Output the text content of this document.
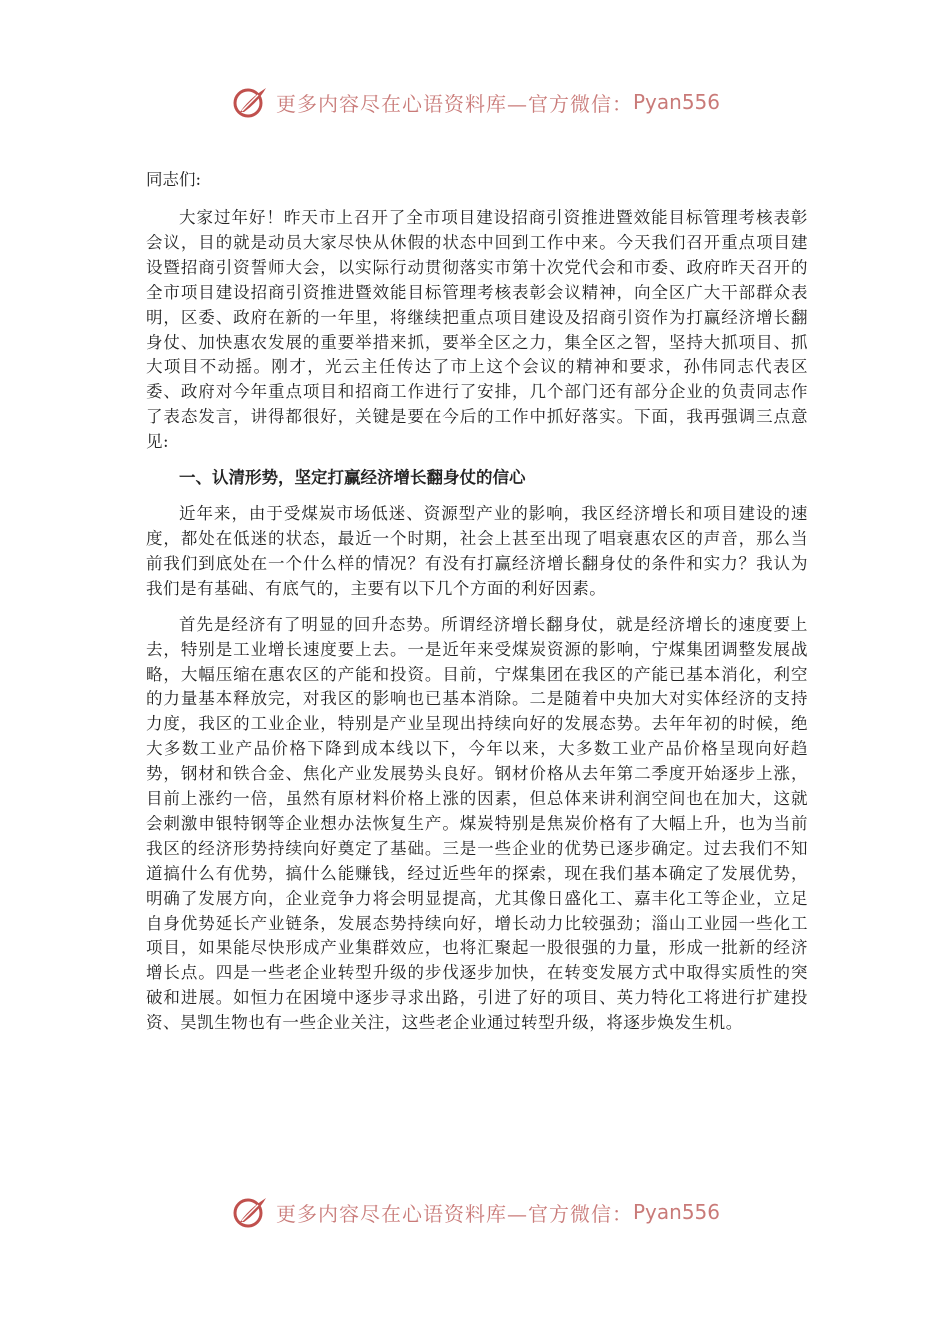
更多内容尽在心语资料库—官方微信： Pyan556

同志们:

大家过年好！昨天市上召开了全市项目建设招商引资推进暨效能目标管理考核表彰会议，目的就是动员大家尽快从休假的状态中回到工作中来。今天我们召开重点项目建设暨招商引资誓师大会，以实际行动贯彻落实市第十次党代会和市委、政府昨天召开的全市项目建设招商引资推进暨效能目标管理考核表彰会议精神，向全区广大干部群众表明，区委、政府在新的一年里，将继续把重点项目建设及招商引资作为打赢经济增长翻身仗、加快惠农发展的重要举措来抓，要举全区之力，集全区之智，坚持大抓项目、抓大项目不动摇。刚才，光云主任传达了市上这个会议的精神和要求，孙伟同志代表区委、政府对今年重点项目和招商工作进行了安排，几个部门还有部分企业的负责同志作了表态发言，讲得都很好，关键是要在今后的工作中抓好落实。下面，我再强调三点意见:

一、认清形势，坚定打赢经济增长翻身仗的信心

近年来，由于受煤炭市场低迷、资源型产业的影响，我区经济增长和项目建设的速度，都处在低迷的状态，最近一个时期，社会上甚至出现了唱衰惠农区的声音，那么当前我们到底处在一个什么样的情况？有没有打赢经济增长翻身仗的条件和实力？我认为我们是有基础、有底气的，主要有以下几个方面的利好因素。

首先是经济有了明显的回升态势。所谓经济增长翻身仗，就是经济增长的速度要上去，特别是工业增长速度要上去。一是近年来受煤炭资源的影响，宁煤集团调整发展战略，大幅压缩在惠农区的产能和投资。目前，宁煤集团在我区的产能已基本消化，利空的力量基本释放完，对我区的影响也已基本消除。二是随着中央加大对实体经济的支持力度，我区的工业企业，特别是产业呈现出持续向好的发展态势。去年年初的时候，绝大多数工业产品价格下降到成本线以下，今年以来，大多数工业产品价格呈现向好趋势，钢材和铁合金、焦化产业发展势头良好。钢材价格从去年第二季度开始逐步上涨，目前上涨约一倍，虽然有原材料价格上涨的因素，但总体来讲利润空间也在加大，这就会刺激申银特钢等企业想办法恢复生产。煤炭特别是焦炭价格有了大幅上升，也为当前我区的经济形势持续向好奠定了基础。三是一些企业的优势已逐步确定。过去我们不知道搞什么有优势，搞什么能赚钱，经过近些年的探索，现在我们基本确定了发展优势，明确了发展方向，企业竞争力将会明显提高，尤其像日盛化工、嘉丰化工等企业，立足自身优势延长产业链条，发展态势持续向好，增长动力比较强劲；淄山工业园一些化工项目，如果能尽快形成产业集群效应，也将汇聚起一股很强的力量，形成一批新的经济增长点。四是一些老企业转型升级的步伐逐步加快，在转变发展方式中取得实质性的突破和进展。如恒力在困境中逐步寻求出路，引进了好的项目、英力特化工将进行扩建投资、昊凯生物也有一些企业关注，这些老企业通过转型升级，将逐步焕发生机。

更多内容尽在心语资料库—官方微信： Pyan556
